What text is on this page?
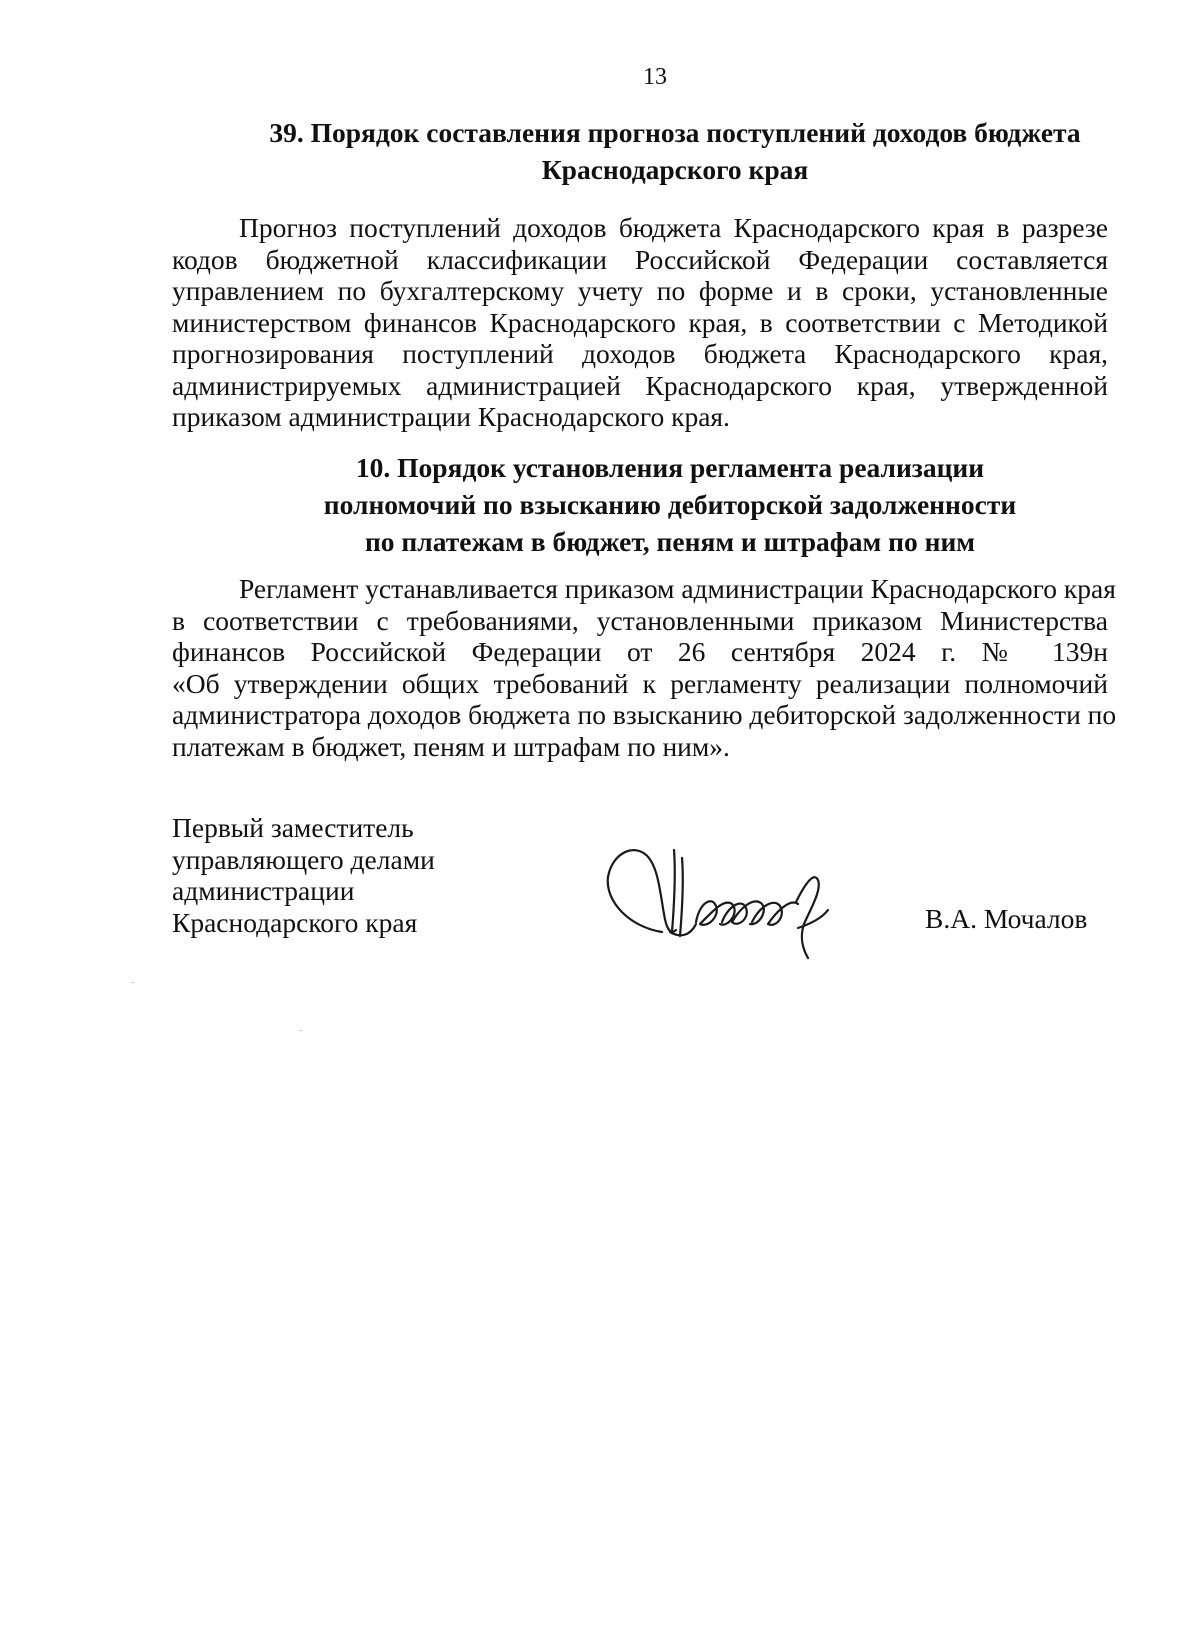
13
39. Порядок составления прогноза поступлений доходов бюджета
Краснодарского края
Прогноз поступлений доходов бюджета Краснодарского края в разрезе
кодов бюджетной классификации Российской Федерации составляется
управлением по бухгалтерскому учету по форме и в сроки, установленные
министерством финансов Краснодарского края, в соответствии с Методикой
прогнозирования поступлений доходов бюджета Краснодарского края,
администрируемых администрацией Краснодарского края, утвержденной
приказом администрации Краснодарского края.
10. Порядок установления регламента реализации
полномочий по взысканию дебиторской задолженности
по платежам в бюджет, пеням и штрафам по ним
Регламент устанавливается приказом администрации Краснодарского края
в соответствии с требованиями, установленными приказом Министерства
финансов Российской Федерации от 26 сентября 2024 г. № 139н
«Об утверждении общих требований к регламенту реализации полномочий
администратора доходов бюджета по взысканию дебиторской задолженности по
платежам в бюджет, пеням и штрафам по ним».
Первый заместитель
управляющего делами
администрации
Краснодарского края	В.А. Мочалов
